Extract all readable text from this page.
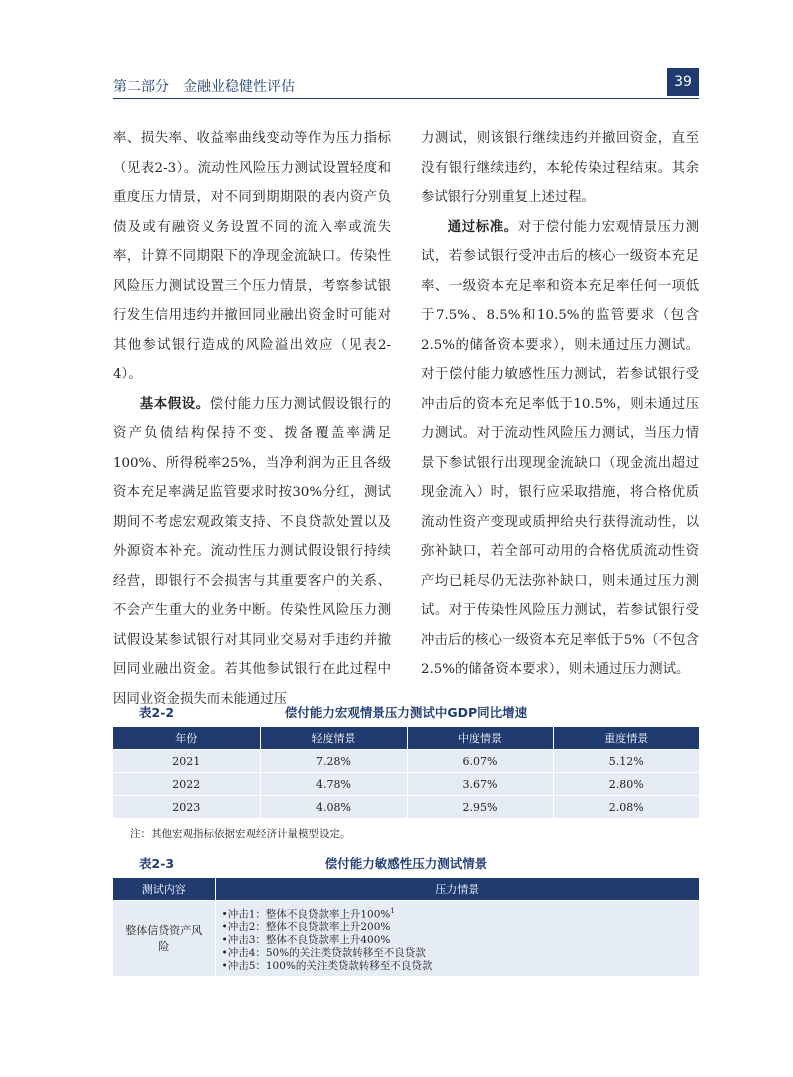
第二部分　金融业稳健性评估	39

率、损失率、收益率曲线变动等作为压力指标（见表2-3）。流动性风险压力测试设置轻度和重度压力情景，对不同到期期限的表内资产负债及或有融资义务设置不同的流入率或流失率，计算不同期限下的净现金流缺口。传染性风险压力测试设置三个压力情景，考察参试银行发生信用违约并撤回同业融出资金时可能对其他参试银行造成的风险溢出效应（见表2-4）。

基本假设。偿付能力压力测试假设银行的资产负债结构保持不变、拨备覆盖率满足100%、所得税率25%，当净利润为正且各级资本充足率满足监管要求时按30%分红，测试期间不考虑宏观政策支持、不良贷款处置以及外源资本补充。流动性压力测试假设银行持续经营，即银行不会损害与其重要客户的关系、不会产生重大的业务中断。传染性风险压力测试假设某参试银行对其同业交易对手违约并撤回同业融出资金。若其他参试银行在此过程中因同业资金损失而未能通过压

力测试，则该银行继续违约并撤回资金，直至没有银行继续违约，本轮传染过程结束。其余参试银行分别重复上述过程。

通过标准。对于偿付能力宏观情景压力测试，若参试银行受冲击后的核心一级资本充足率、一级资本充足率和资本充足率任何一项低于7.5%、8.5%和10.5%的监管要求（包含2.5%的储备资本要求），则未通过压力测试。对于偿付能力敏感性压力测试，若参试银行受冲击后的资本充足率低于10.5%，则未通过压力测试。对于流动性风险压力测试，当压力情景下参试银行出现现金流缺口（现金流出超过现金流入）时，银行应采取措施，将合格优质流动性资产变现或质押给央行获得流动性，以弥补缺口，若全部可动用的合格优质流动性资产均已耗尽仍无法弥补缺口，则未通过压力测试。对于传染性风险压力测试，若参试银行受冲击后的核心一级资本充足率低于5%（不包含2.5%的储备资本要求），则未通过压力测试。

表2-2	偿付能力宏观情景压力测试中GDP同比增速
年份	轻度情景	中度情景	重度情景
2021	7.28%	6.07%	5.12%
2022	4.78%	3.67%	2.80%
2023	4.08%	2.95%	2.08%
注：其他宏观指标依据宏观经济计量模型设定。
表2-3	偿付能力敏感性压力测试情景
测试内容	压力情景

整体信贷资产风险	•冲击1：整体不良贷款率上升100%$^1$
•冲击2：整体不良贷款率上升200%
•冲击3：整体不良贷款率上升400%
•冲击4：50%的关注类贷款转移至不良贷款
•冲击5：100%的关注类贷款转移至不良贷款
